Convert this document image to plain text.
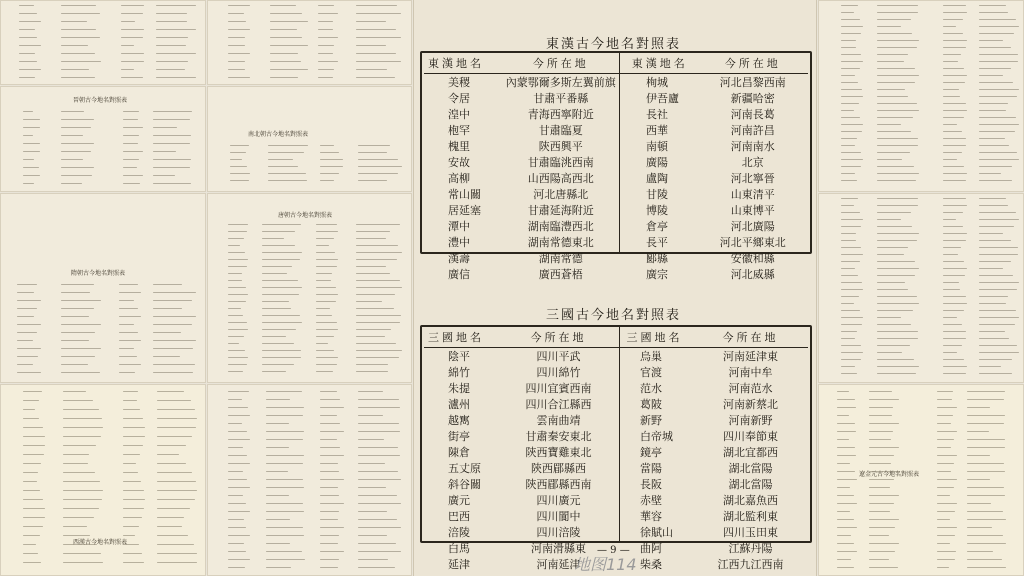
晉朝古今地名對照表
南北朝古今地名對照表
隋朝古今地名對照表
唐朝古今地名對照表
西漢古今地名對照表
遼金元古今地名對照表
東漢古今地名對照表
東漢地名	今所在地	東漢地名	今所在地
美稷	內蒙鄂爾多斯左翼前旗	栒城	河北昌黎西南
令居	甘肅平番縣	伊吾廬	新疆哈密
湟中	青海西寧附近	長社	河南長葛
枹罕	甘肅臨夏	西華	河南許昌
槐里	陝西興平	南頓	河南南水
安故	甘肅臨洮西南	廣陽	北京
高柳	山西陽高西北	盧陶	河北寧晉
常山關	河北唐縣北	甘陵	山東清平
居延塞	甘肅延海附近	博陵	山東博平
潭中	湖南臨澧西北	倉亭	河北廣陽
澧中	湖南常德東北	長平	河北平鄉東北
漢壽	湖南常德	郾縣	安徽和縣
廣信	廣西蒼梧	廣宗	河北威縣
三國古今地名對照表
三國地名	今所在地	三國地名	今所在地
陰平	四川平武	烏巢	河南延津東
綿竹	四川綿竹	官渡	河南中牟
朱提	四川宜賓西南	范水	河南范水
瀘州	四川合江縣西	葛陂	河南新蔡北
越寯	雲南曲靖	新野	河南新野
街亭	甘肅秦安東北	白帝城	四川奉節東
陳倉	陝西寶雞東北	鏡亭	湖北宜都西
五丈原	陝西郿縣西	當陽	湖北當陽
斜谷關	陝西郿縣西南	長阪	湖北當陽
廣元	四川廣元	赤壁	湖北嘉魚西
巴西	四川閬中	華容	湖北監利東
涪陵	四川涪陵	徐賦山	四川玉田東
白馬	河南滑縣東	曲阿	江蘇丹陽
延津	河南延津	柴桑	江西九江西南
— 9 —
地图114
